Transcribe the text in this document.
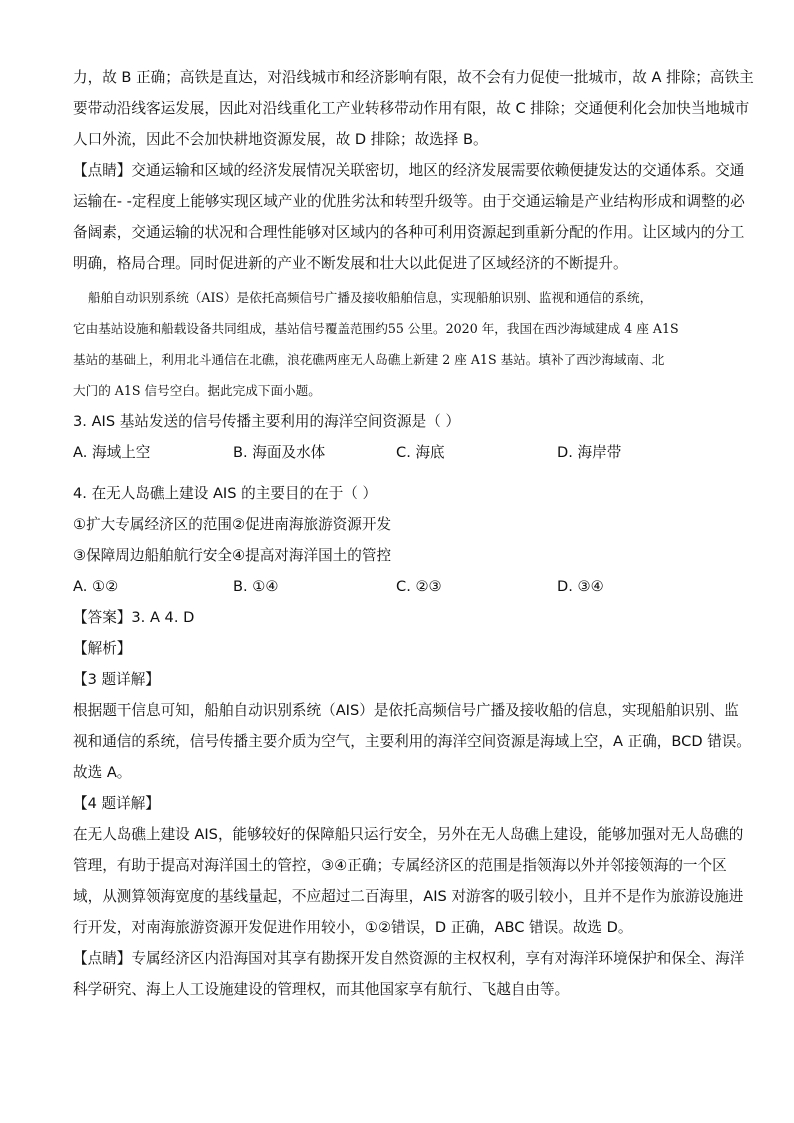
力，故 B 正确；高铁是直达，对沿线城市和经济影响有限，故不会有力促使一批城市，故 A 排除；高铁主
要带动沿线客运发展，因此对沿线重化工产业转移带动作用有限，故 C 排除；交通便利化会加快当地城市
人口外流，因此不会加快耕地资源发展，故 D 排除；故选择 B。
【点睛】交通运输和区域的经济发展情况关联密切，地区的经济发展需要依赖便捷发达的交通体系。交通
运输在- -定程度上能够实现区域产业的优胜劣汰和转型升级等。由于交通运输是产业结构形成和调整的必
备阔素，交通运输的状况和合理性能够对区域内的各种可利用资源起到重新分配的作用。让区域内的分工
明确，格局合理。同时促进新的产业不断发展和壮大以此促进了区域经济的不断提升。
船舶自动识别系统（AIS）是依托高频信号广播及接收船舶信息，实现船舶识别、监视和通信的系统，
它由基站设施和船载设备共同组成，基站信号覆盖范围约55 公里。2020 年，我国在西沙海域建成 4 座 A1S
基站的基础上，利用北斗通信在北礁，浪花礁两座无人岛礁上新建 2 座 A1S 基站。填补了西沙海域南、北
大门的 A1S 信号空白。据此完成下面小题。
3. AIS 基站发送的信号传播主要利用的海洋空间资源是（ ）
A. 海域上空	B. 海面及水体	C. 海底	D. 海岸带
4. 在无人岛礁上建设 AIS 的主要目的在于（ ）
①扩大专属经济区的范围②促进南海旅游资源开发
③保障周边船舶航行安全④提高对海洋国土的管控
A. ①②	B. ①④	C. ②③	D. ③④
【答案】3. A 4. D
【解析】
【3 题详解】
根据题干信息可知，船舶自动识别系统（AIS）是依托高频信号广播及接收船的信息，实现船舶识别、监
视和通信的系统，信号传播主要介质为空气，主要利用的海洋空间资源是海域上空，A 正确，BCD 错误。
故选 A。
【4 题详解】
在无人岛礁上建设 AIS，能够较好的保障船只运行安全，另外在无人岛礁上建设，能够加强对无人岛礁的
管理，有助于提高对海洋国土的管控，③④正确；专属经济区的范围是指领海以外并邻接领海的一个区
域，从测算领海宽度的基线量起，不应超过二百海里，AIS 对游客的吸引较小，且并不是作为旅游设施进
行开发，对南海旅游资源开发促进作用较小，①②错误，D 正确，ABC 错误。故选 D。
【点睛】专属经济区内沿海国对其享有勘探开发自然资源的主权权利，享有对海洋环境保护和保全、海洋
科学研究、海上人工设施建设的管理权，而其他国家享有航行、飞越自由等。
